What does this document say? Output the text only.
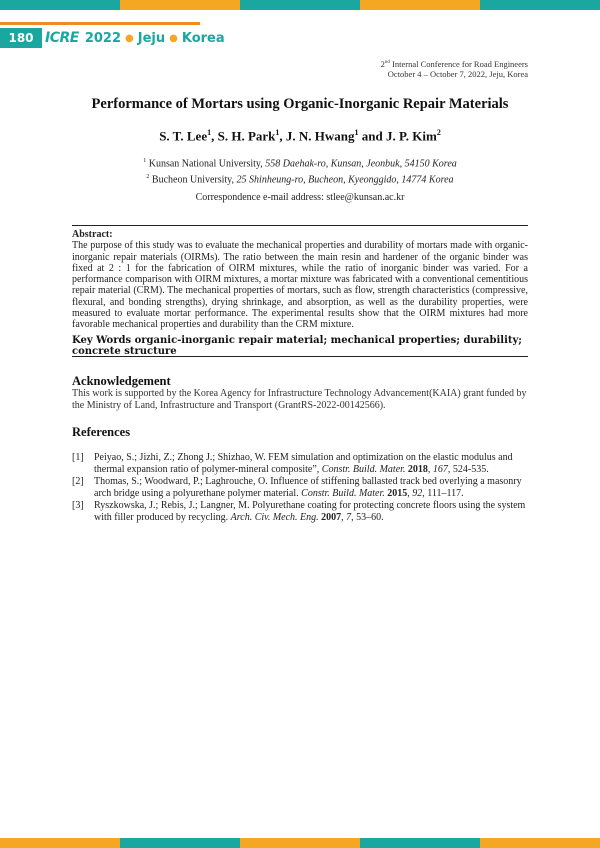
180 ICRE 2022 ● Jeju ● Korea
2nd Internal Conference for Road Engineers
October 4 – October 7, 2022, Jeju, Korea
Performance of Mortars using Organic-Inorganic Repair Materials
S. T. Lee$^1$, S. H. Park$^1$, J. N. Hwang$^1$ and J. P. Kim$^2$
$^1$ Kunsan National University, 558 Daehak-ro, Kunsan, Jeonbuk, 54150 Korea
$^2$ Bucheon University, 25 Shinheung-ro, Bucheon, Kyeonggido, 14774 Korea
Correspondence e-mail address: stlee@kunsan.ac.kr
Abstract:
The purpose of this study was to evaluate the mechanical properties and durability of mortars made with organic-inorganic repair materials (OIRMs). The ratio between the main resin and hardener of the organic binder was fixed at 2 : 1 for the fabrication of OIRM mixtures, while the ratio of inorganic binder was varied. For a performance comparison with OIRM mixtures, a mortar mixture was fabricated with a conventional cementitious repair material (CRM). The mechanical properties of mortars, such as flow, strength characteristics (compressive, flexural, and bonding strengths), drying shrinkage, and absorption, as well as the durability properties, were measured to evaluate mortar performance. The experimental results show that the OIRM mixtures had more favorable mechanical properties and durability than the CRM mixture.
Key Words organic-inorganic repair material; mechanical properties; durability; concrete structure
Acknowledgement
This work is supported by the Korea Agency for Infrastructure Technology Advancement(KAIA) grant funded by the Ministry of Land, Infrastructure and Transport (GrantRS-2022-00142566).
References
[1]	Peiyao, S.; Jizhi, Z.; Zhong J.; Shizhao, W. FEM simulation and optimization on the elastic modulus and thermal expansion ratio of polymer-mineral composite”, Constr. Build. Mater. 2018, 167, 524-535.
[2]	Thomas, S.; Woodward, P.; Laghrouche, O. Influence of stiffening ballasted track bed overlying a masonry arch bridge using a polyurethane polymer material. Constr. Build. Mater. 2015, 92, 111–117.
[3]	Ryszkowska, J.; Rebis, J.; Langner, M. Polyurethane coating for protecting concrete floors using the system with filler produced by recycling. Arch. Civ. Mech. Eng. 2007, 7, 53–60.
